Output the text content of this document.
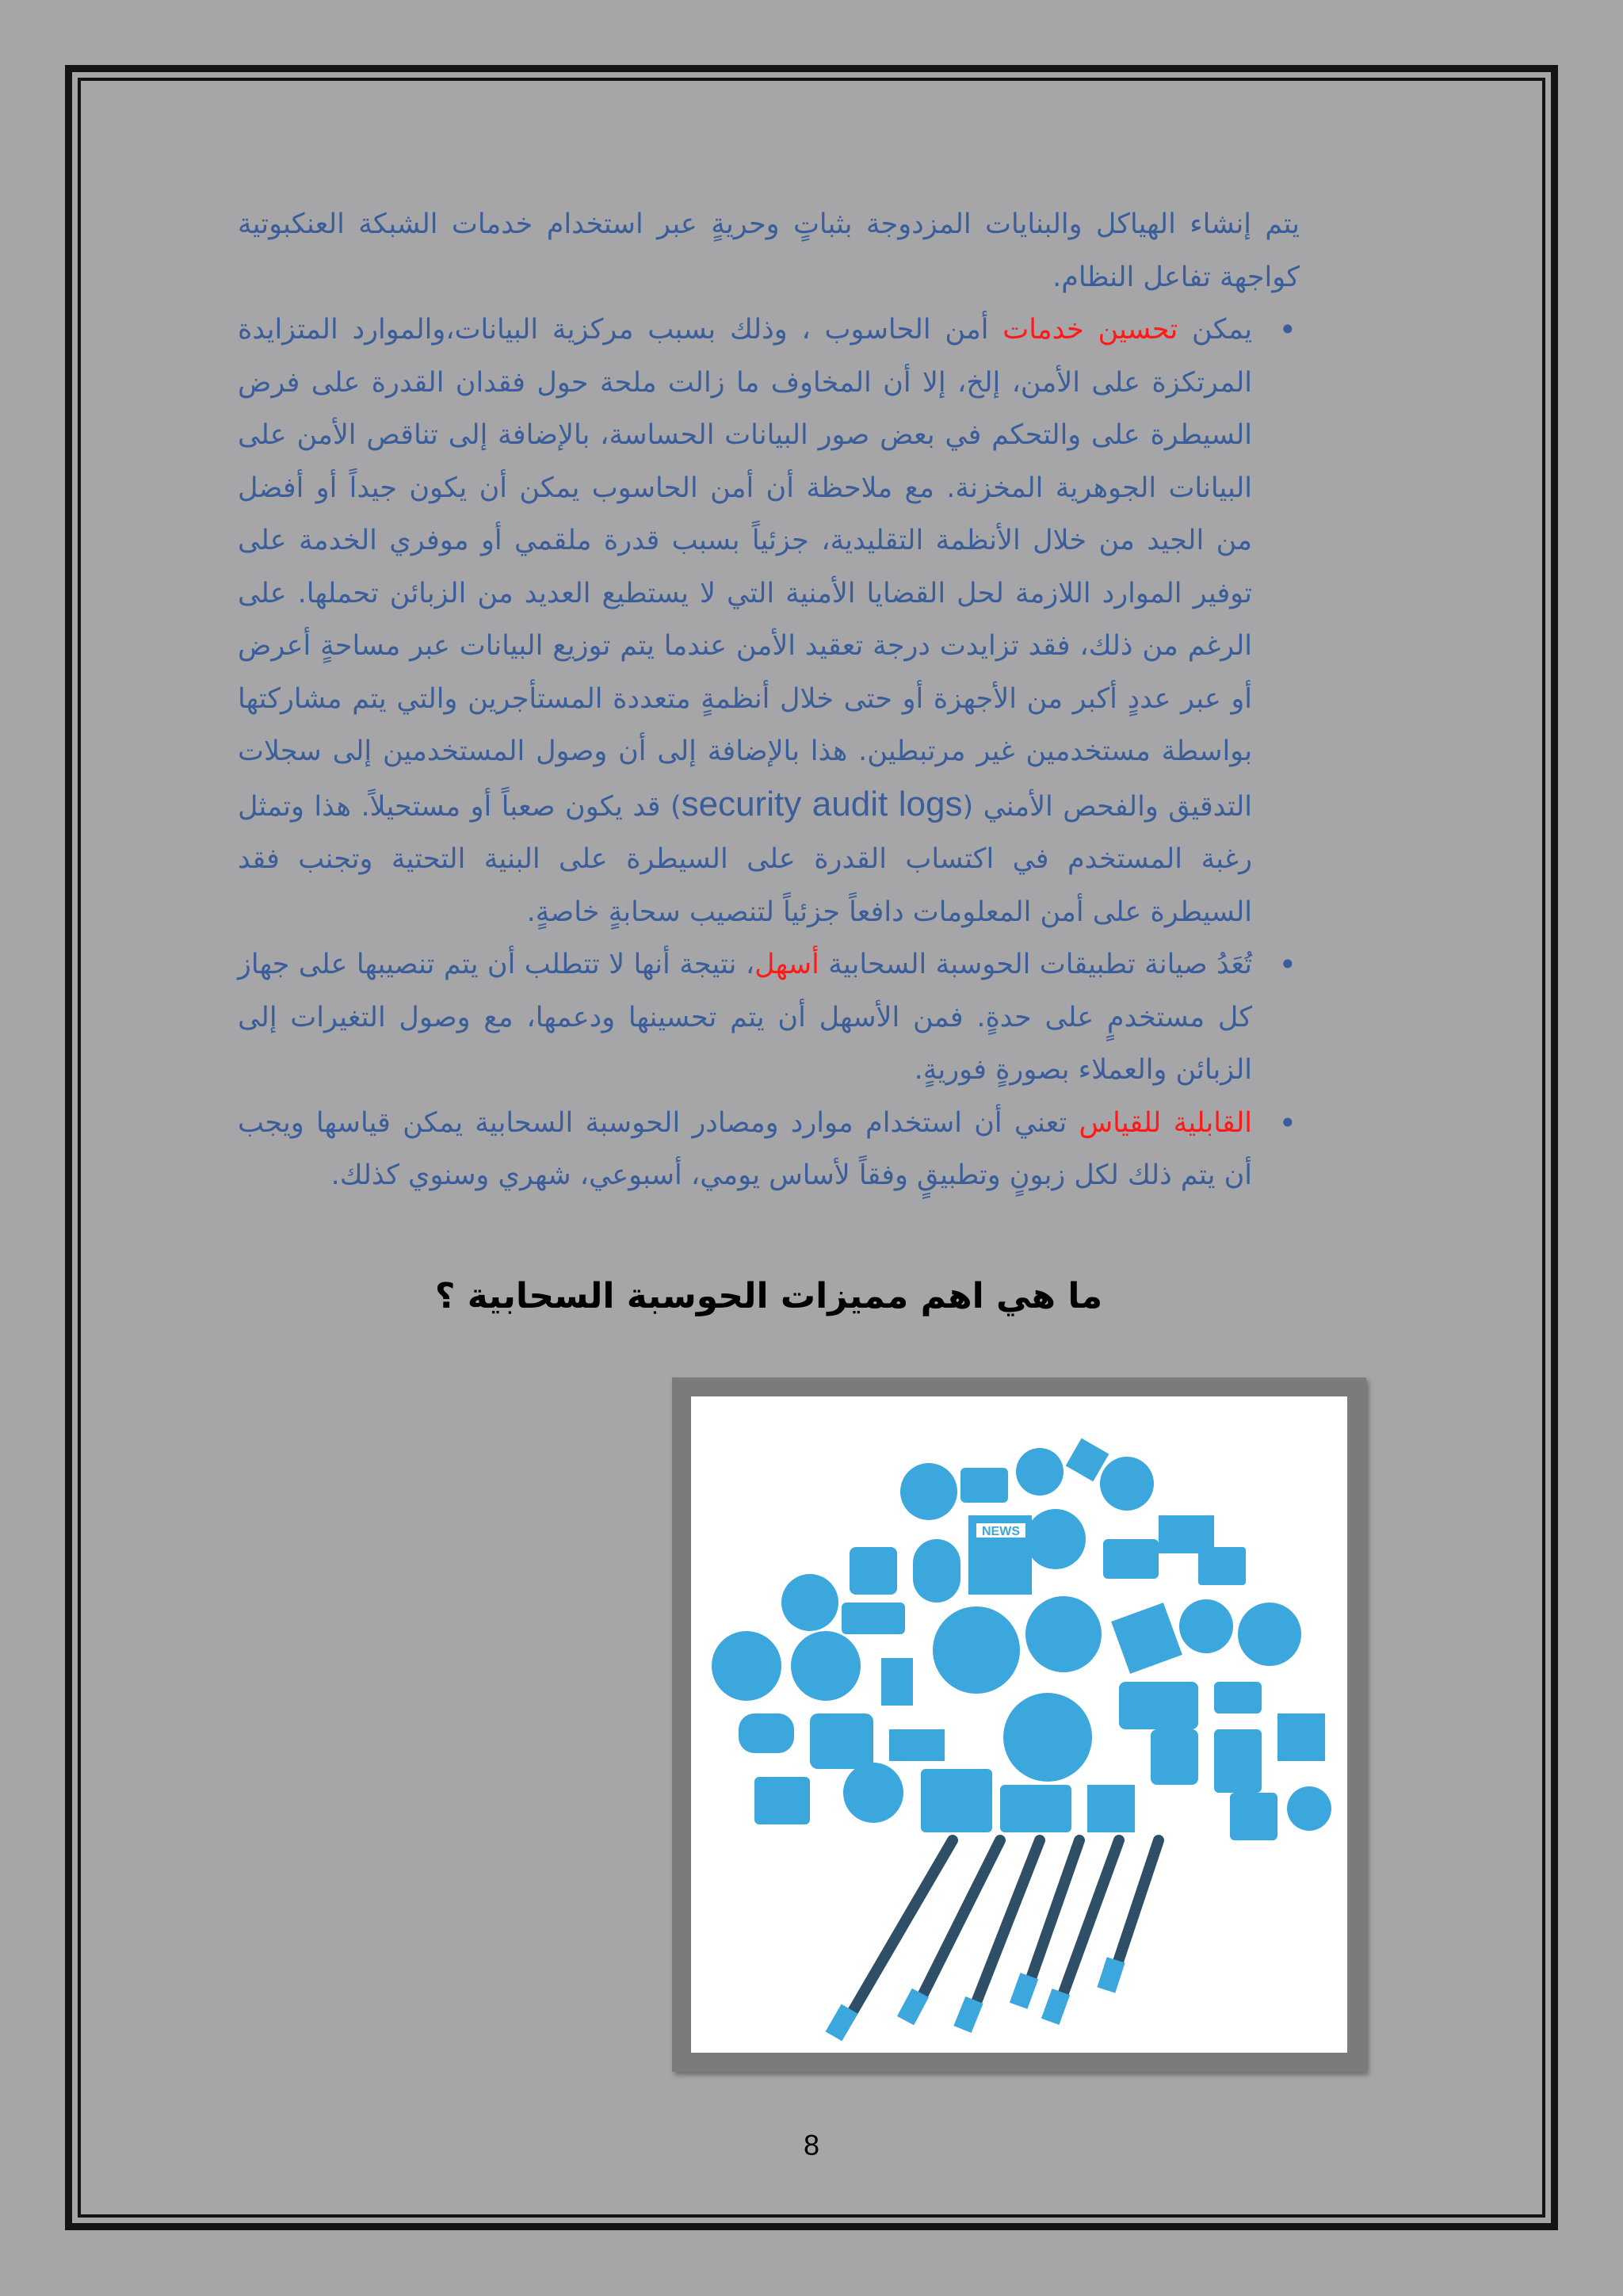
يتم إنشاء الهياكل والبنايات المزدوجة بثباتٍ وحريةٍ عبر استخدام خدمات الشبكة العنكبوتية كواجهة تفاعل النظام.

•
يمكن تحسين خدمات أمن الحاسوب ، وذلك بسبب مركزية البيانات،والموارد المتزايدة المرتكزة على الأمن، إلخ، إلا أن المخاوف ما زالت ملحة حول فقدان القدرة على فرض السيطرة على والتحكم في بعض صور البيانات الحساسة، بالإضافة إلى تناقص الأمن على البيانات الجوهرية المخزنة. مع ملاحظة أن أمن الحاسوب يمكن أن يكون جيداً أو أفضل من الجيد من خلال الأنظمة التقليدية، جزئياً بسبب قدرة ملقمي أو موفري الخدمة على توفير الموارد اللازمة لحل القضايا الأمنية التي لا يستطيع العديد من الزبائن تحملها. على الرغم من ذلك، فقد تزايدت درجة تعقيد الأمن عندما يتم توزيع البيانات عبر مساحةٍ أعرض أو عبر عددٍ أكبر من الأجهزة أو حتى خلال أنظمةٍ متعددة المستأجرين والتي يتم مشاركتها بواسطة مستخدمين غير مرتبطين. هذا بالإضافة إلى أن وصول المستخدمين إلى سجلات التدقيق والفحص الأمني (security audit logs) قد يكون صعباً أو مستحيلاً. هذا وتمثل رغبة المستخدم في اكتساب القدرة على السيطرة على البنية التحتية وتجنب فقد السيطرة على أمن المعلومات دافعاً جزئياً لتنصيب سحابةٍ خاصةٍ.
•
تُعَدُ صيانة تطبيقات الحوسبة السحابية أسهل، نتيجة أنها لا تتطلب أن يتم تنصيبها على جهاز كل مستخدمٍ على حدةٍ. فمن الأسهل أن يتم تحسينها ودعمها، مع وصول التغيرات إلى الزبائن والعملاء بصورةٍ فوريةٍ.
•
القابلية للقياس تعني أن استخدام موارد ومصادر الحوسبة السحابية يمكن قياسها ويجب أن يتم ذلك لكل زبونٍ وتطبيقٍ وفقاً لأساس يومي، أسبوعي، شهري وسنوي كذلك.
ما هي اهم مميزات الحوسبة السحابية ؟
NEWS
8
